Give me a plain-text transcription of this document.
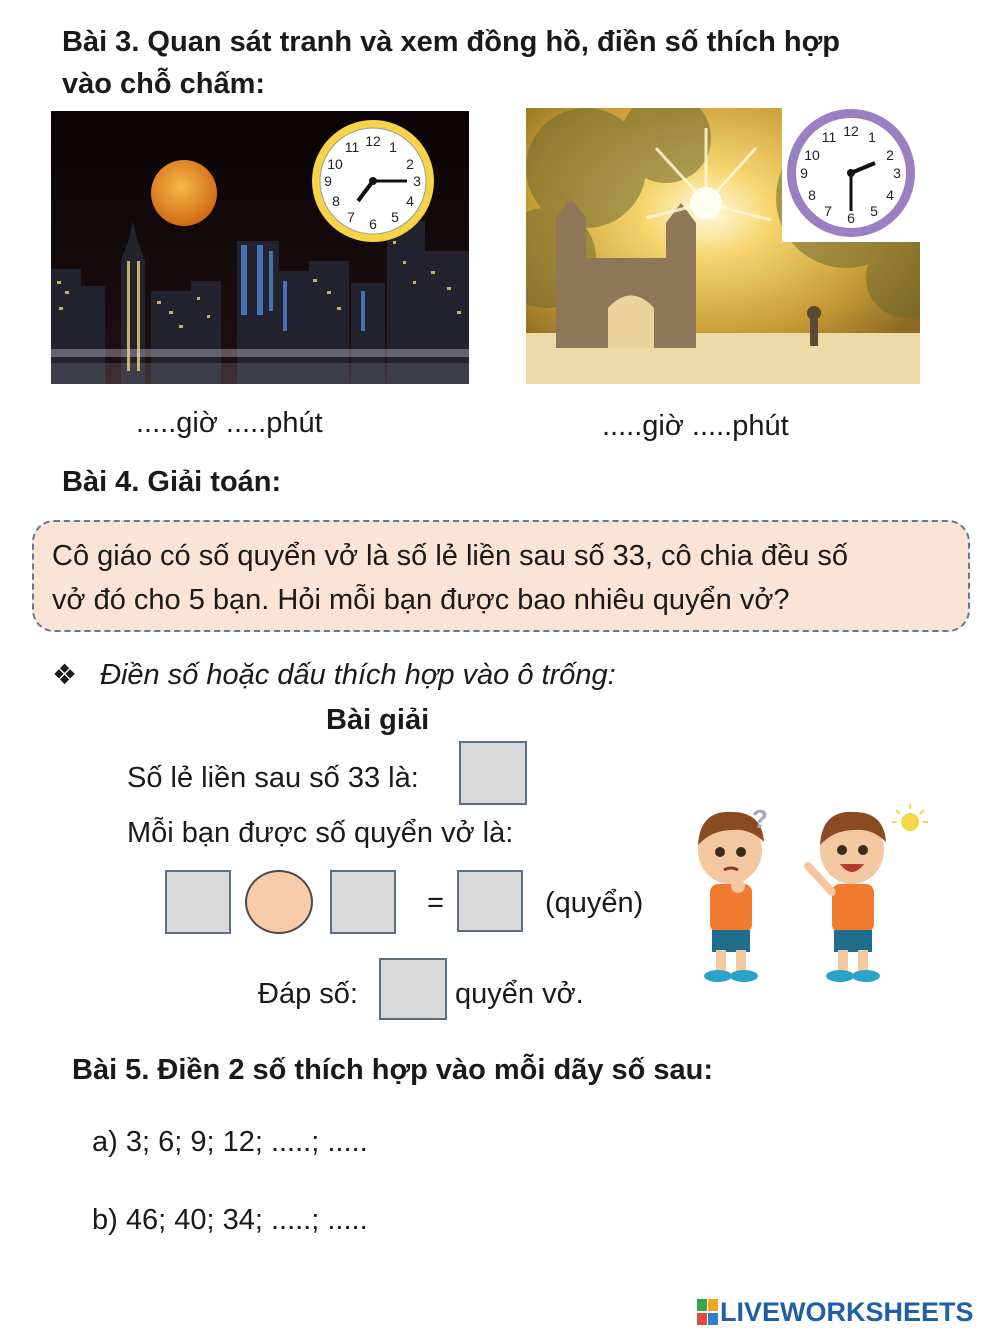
Bài 3. Quan sát tranh và xem đồng hồ, điền số thích hợp
vào chỗ chấm:
12 1
2
3
4
5
6
7
8
9
10
11
12 1
2
3
4
5
6
7
8
9
10
11
.....giờ .....phút	.....giờ .....phút
Bài 4. Giải toán:
Cô giáo có số quyển vở là số lẻ liền sau số 33, cô chia đều số
vở đó cho 5 bạn. Hỏi mỗi bạn được bao nhiêu quyển vở?
❖ Điền số hoặc dấu thích hợp vào ô trống:
Bài giải
Số lẻ liền sau số 33 là:
Mỗi bạn được số quyển vở là:
=	(quyển)
Đáp số:	quyển vở.
?
Bài 5. Điền 2 số thích hợp vào mỗi dãy số sau:
a) 3; 6; 9; 12; .....; .....
b) 46; 40; 34; .....; .....
LIVEWORKSHEETS
